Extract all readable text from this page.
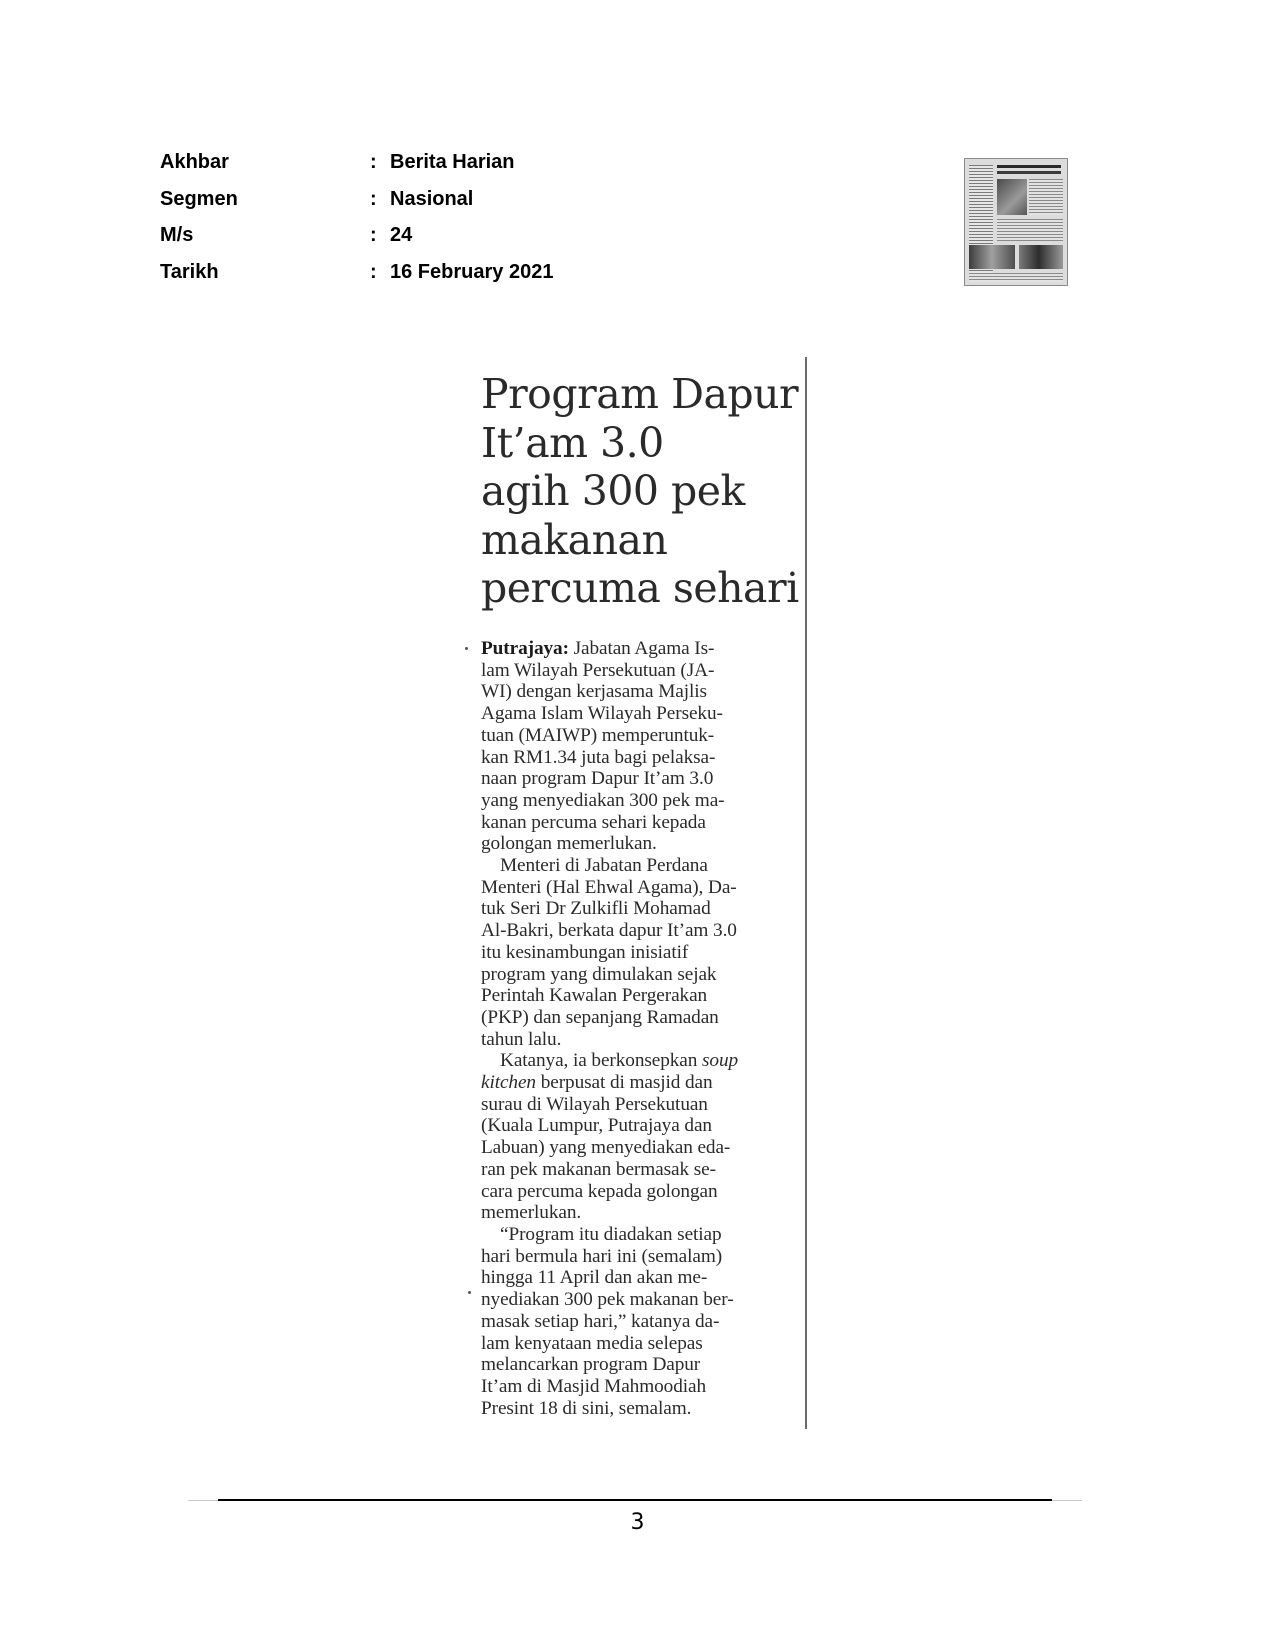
Akhbar	: Berita Harian
Segmen	: Nasional
M/s	: 24
Tarikh	: 16 February 2021
Program Dapur
It’am 3.0
agih 300 pek
makanan
percuma sehari

Putrajaya: Jabatan Agama Is-
lam Wilayah Persekutuan (JA-
WI) dengan kerjasama Majlis
Agama Islam Wilayah Perseku-
tuan (MAIWP) memperuntuk-
kan RM1.34 juta bagi pelaksa-
naan program Dapur It’am 3.0
yang menyediakan 300 pek ma-
kanan percuma sehari kepada
golongan memerlukan.

Menteri di Jabatan Perdana
Menteri (Hal Ehwal Agama), Da-
tuk Seri Dr Zulkifli Mohamad
Al-Bakri, berkata dapur It’am 3.0
itu kesinambungan inisiatif
program yang dimulakan sejak
Perintah Kawalan Pergerakan
(PKP) dan sepanjang Ramadan
tahun lalu.

Katanya, ia berkonsepkan soup
kitchen berpusat di masjid dan
surau di Wilayah Persekutuan
(Kuala Lumpur, Putrajaya dan
Labuan) yang menyediakan eda-
ran pek makanan bermasak se-
cara percuma kepada golongan
memerlukan.

“Program itu diadakan setiap
hari bermula hari ini (semalam)
hingga 11 April dan akan me-
nyediakan 300 pek makanan ber-
masak setiap hari,” katanya da-
lam kenyataan media selepas
melancarkan program Dapur
It’am di Masjid Mahmoodiah
Presint 18 di sini, semalam.

3
